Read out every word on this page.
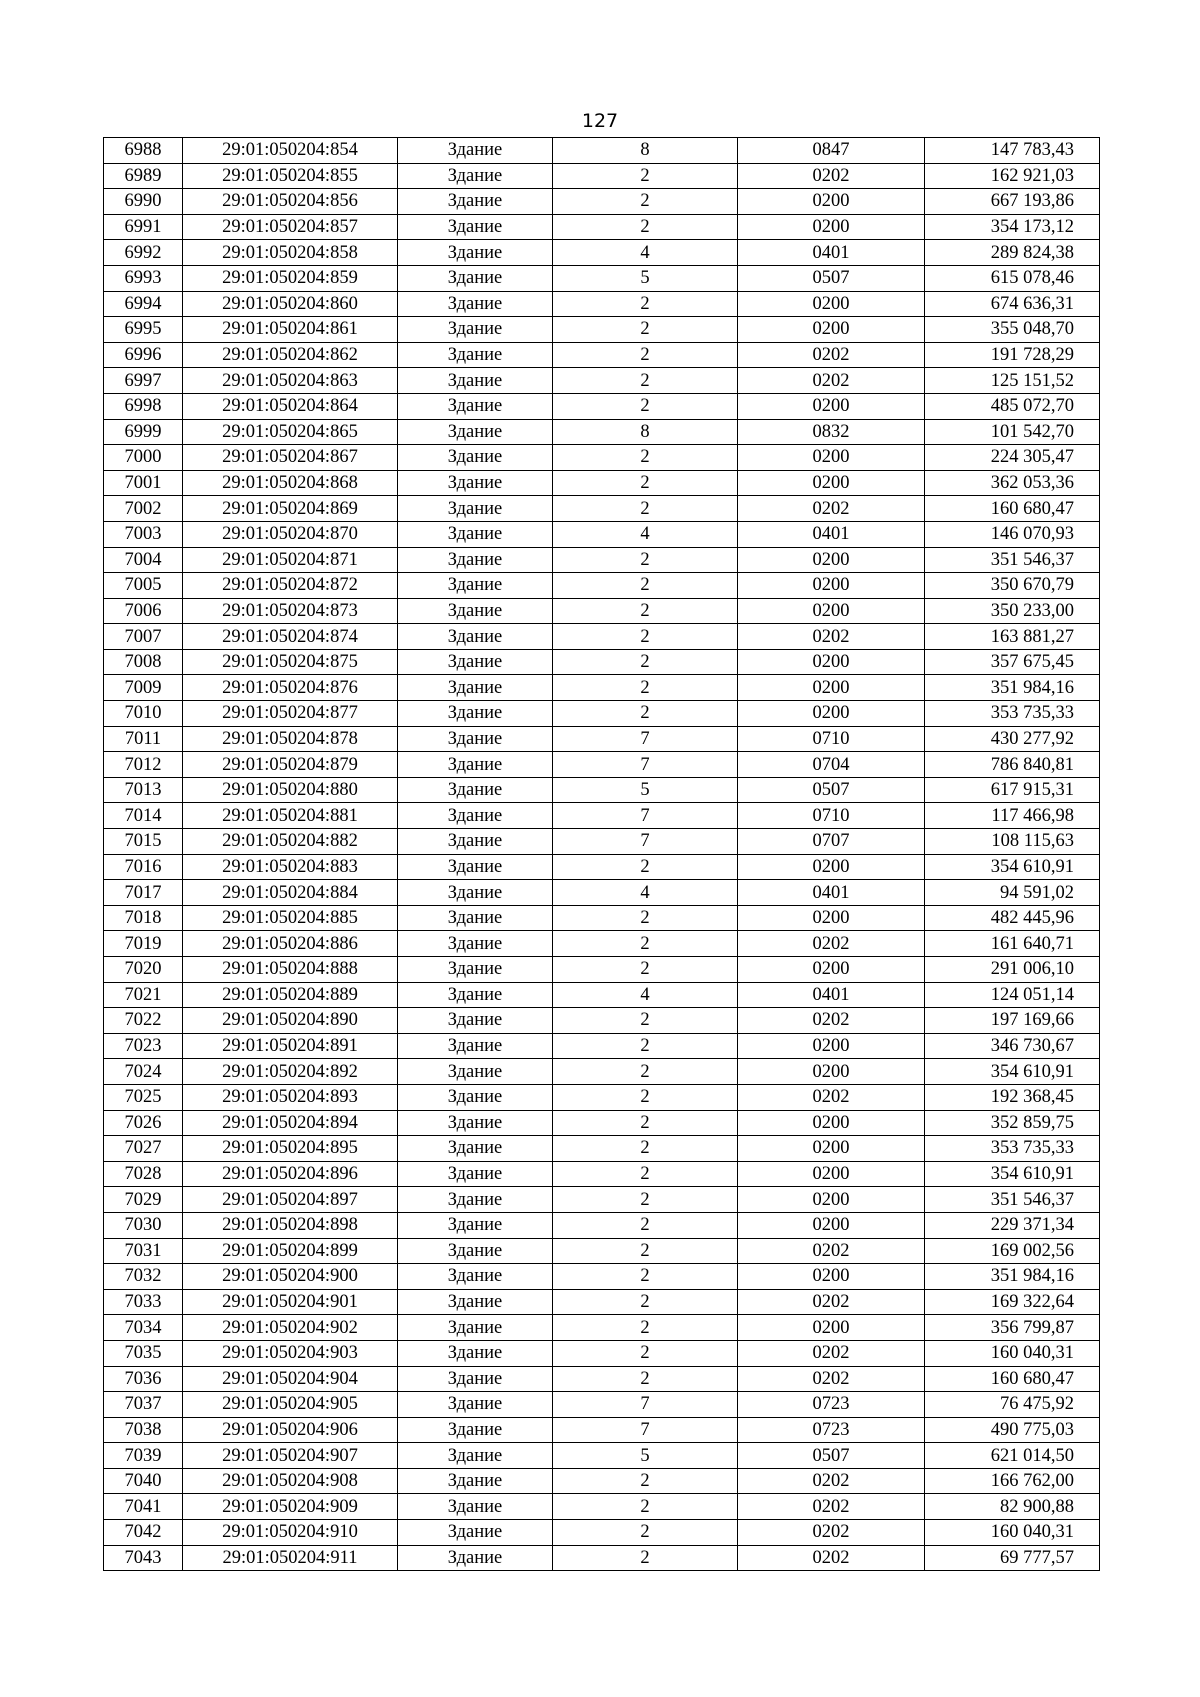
127
6988	29:01:050204:854	Здание	8	0847	147 783,43
6989	29:01:050204:855	Здание	2	0202	162 921,03
6990	29:01:050204:856	Здание	2	0200	667 193,86
6991	29:01:050204:857	Здание	2	0200	354 173,12
6992	29:01:050204:858	Здание	4	0401	289 824,38
6993	29:01:050204:859	Здание	5	0507	615 078,46
6994	29:01:050204:860	Здание	2	0200	674 636,31
6995	29:01:050204:861	Здание	2	0200	355 048,70
6996	29:01:050204:862	Здание	2	0202	191 728,29
6997	29:01:050204:863	Здание	2	0202	125 151,52
6998	29:01:050204:864	Здание	2	0200	485 072,70
6999	29:01:050204:865	Здание	8	0832	101 542,70
7000	29:01:050204:867	Здание	2	0200	224 305,47
7001	29:01:050204:868	Здание	2	0200	362 053,36
7002	29:01:050204:869	Здание	2	0202	160 680,47
7003	29:01:050204:870	Здание	4	0401	146 070,93
7004	29:01:050204:871	Здание	2	0200	351 546,37
7005	29:01:050204:872	Здание	2	0200	350 670,79
7006	29:01:050204:873	Здание	2	0200	350 233,00
7007	29:01:050204:874	Здание	2	0202	163 881,27
7008	29:01:050204:875	Здание	2	0200	357 675,45
7009	29:01:050204:876	Здание	2	0200	351 984,16
7010	29:01:050204:877	Здание	2	0200	353 735,33
7011	29:01:050204:878	Здание	7	0710	430 277,92
7012	29:01:050204:879	Здание	7	0704	786 840,81
7013	29:01:050204:880	Здание	5	0507	617 915,31
7014	29:01:050204:881	Здание	7	0710	117 466,98
7015	29:01:050204:882	Здание	7	0707	108 115,63
7016	29:01:050204:883	Здание	2	0200	354 610,91
7017	29:01:050204:884	Здание	4	0401	94 591,02
7018	29:01:050204:885	Здание	2	0200	482 445,96
7019	29:01:050204:886	Здание	2	0202	161 640,71
7020	29:01:050204:888	Здание	2	0200	291 006,10
7021	29:01:050204:889	Здание	4	0401	124 051,14
7022	29:01:050204:890	Здание	2	0202	197 169,66
7023	29:01:050204:891	Здание	2	0200	346 730,67
7024	29:01:050204:892	Здание	2	0200	354 610,91
7025	29:01:050204:893	Здание	2	0202	192 368,45
7026	29:01:050204:894	Здание	2	0200	352 859,75
7027	29:01:050204:895	Здание	2	0200	353 735,33
7028	29:01:050204:896	Здание	2	0200	354 610,91
7029	29:01:050204:897	Здание	2	0200	351 546,37
7030	29:01:050204:898	Здание	2	0200	229 371,34
7031	29:01:050204:899	Здание	2	0202	169 002,56
7032	29:01:050204:900	Здание	2	0200	351 984,16
7033	29:01:050204:901	Здание	2	0202	169 322,64
7034	29:01:050204:902	Здание	2	0200	356 799,87
7035	29:01:050204:903	Здание	2	0202	160 040,31
7036	29:01:050204:904	Здание	2	0202	160 680,47
7037	29:01:050204:905	Здание	7	0723	76 475,92
7038	29:01:050204:906	Здание	7	0723	490 775,03
7039	29:01:050204:907	Здание	5	0507	621 014,50
7040	29:01:050204:908	Здание	2	0202	166 762,00
7041	29:01:050204:909	Здание	2	0202	82 900,88
7042	29:01:050204:910	Здание	2	0202	160 040,31
7043	29:01:050204:911	Здание	2	0202	69 777,57
